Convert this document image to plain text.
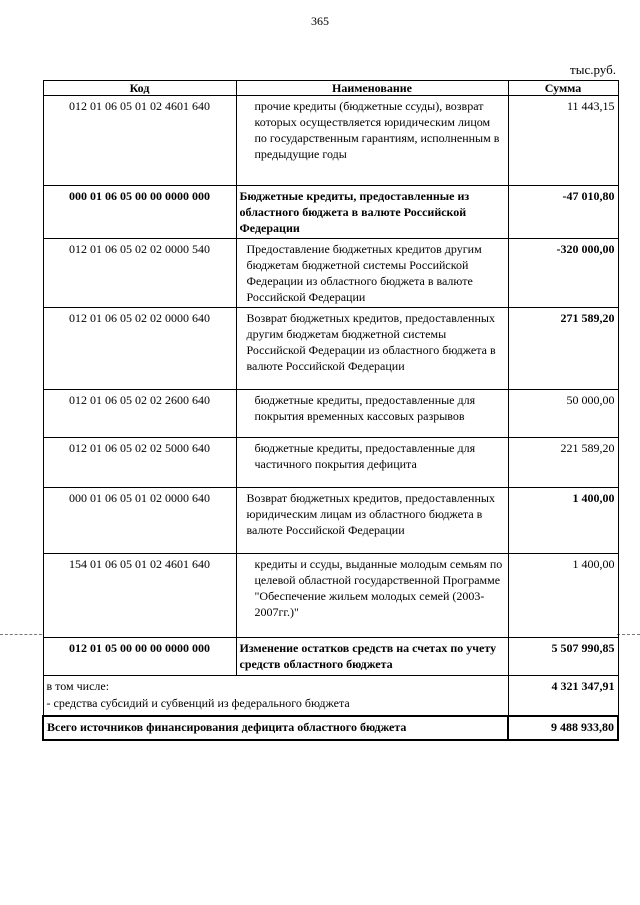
365
тыс.руб.
Код	Наименование	Сумма
012 01 06 05 01 02 4601 640	прочие кредиты (бюджетные ссуды), возврат которых осуществляется юридическим лицом по государственным гарантиям, исполненным в предыдущие годы	11 443,15
000 01 06 05 00 00 0000 000	Бюджетные кредиты, предоставленные из областного бюджета в валюте Российской Федерации	-47 010,80
012 01 06 05 02 02 0000 540	Предоставление бюджетных кредитов другим бюджетам бюджетной системы Российской Федерации из областного бюджета в валюте Российской Федерации	-320 000,00
012 01 06 05 02 02 0000 640	Возврат бюджетных кредитов, предоставленных другим бюджетам бюджетной системы Российской Федерации из областного бюджета в валюте Российской Федерации	271 589,20
012 01 06 05 02 02 2600 640	бюджетные кредиты, предоставленные для покрытия временных кассовых разрывов	50 000,00
012 01 06 05 02 02 5000 640	бюджетные кредиты, предоставленные для частичного покрытия дефицита	221 589,20
000 01 06 05 01 02 0000 640	Возврат бюджетных кредитов, предоставленных юридическим лицам из областного бюджета в валюте Российской Федерации	1 400,00
154 01 06 05 01 02 4601 640	кредиты и ссуды, выданные молодым семьям по целевой областной государственной Программе "Обеспечение жильем молодых семей (2003-2007гг.)"	1 400,00
012 01 05 00 00 00 0000 000	Изменение остатков средств на счетах по учету средств областного бюджета	5 507 990,85

в том числе:
- средства субсидий и субвенций из федерального бюджета		4 321 347,91
Всего источников финансирования дефицита областного бюджета		9 488 933,80
